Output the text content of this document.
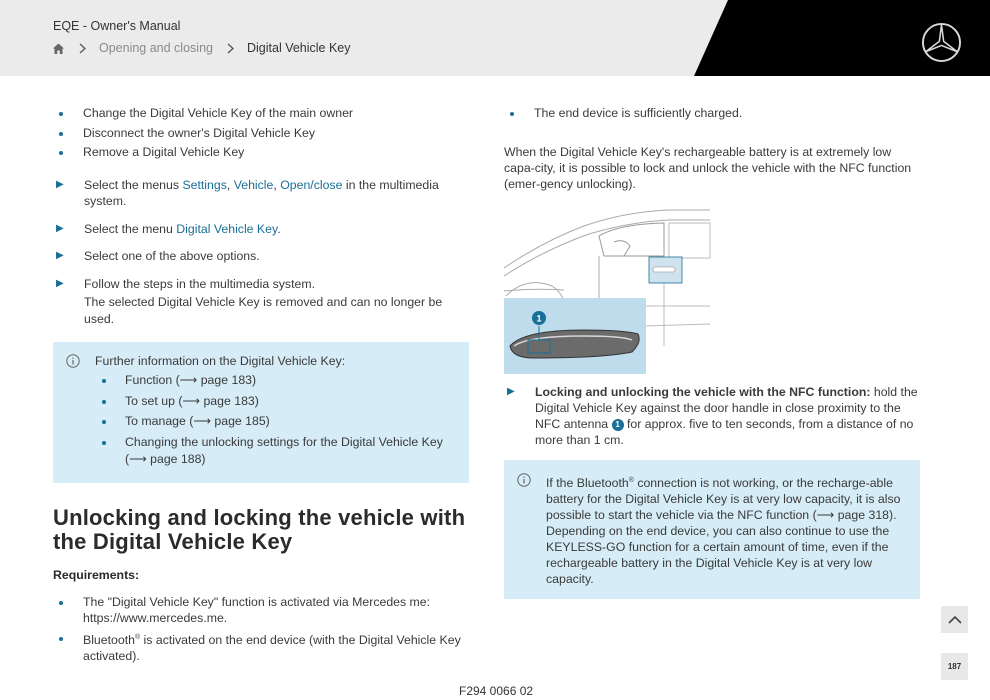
EQE - Owner's Manual
Opening and closing	Digital Vehicle Key
Change the Digital Vehicle Key of the main owner
Disconnect the owner's Digital Vehicle Key
Remove a Digital Vehicle Key
▶ Select the menus Settings, Vehicle, Open/close in the multimedia system.
▶ Select the menu Digital Vehicle Key.
▶ Select one of the above options.
▶ Follow the steps in the multimedia system.
The selected Digital Vehicle Key is removed and can no longer be used.
Further information on the Digital Vehicle Key:
Function (⟶ page 183)
To set up (⟶ page 183)
To manage (⟶ page 185)
Changing the unlocking settings for the Digital Vehicle Key (⟶ page 188)
Unlocking and locking the vehicle with the Digital Vehicle Key
Requirements:
The "Digital Vehicle Key" function is activated via Mercedes me: https://www.mercedes.me.
Bluetooth® is activated on the end device (with the Digital Vehicle Key activated).
The end device is sufficiently charged.

When the Digital Vehicle Key's rechargeable battery is at extremely low capa-city, it is possible to lock and unlock the vehicle with the NFC function (emer-gency unlocking).

1
▶ Locking and unlocking the vehicle with the NFC function: hold the Digital Vehicle Key against the door handle in close proximity to the NFC antenna 1 for approx. five to ten seconds, from a distance of no more than 1 cm.
If the Bluetooth® connection is not working, or the recharge-able battery for the Digital Vehicle Key is at very low capacity, it is also possible to start the vehicle via the NFC function (⟶ page 318).
Depending on the end device, you can also continue to use the KEYLESS-GO function for a certain amount of time, even if the rechargeable battery in the Digital Vehicle Key is at very low capacity.
187
F294 0066 02
